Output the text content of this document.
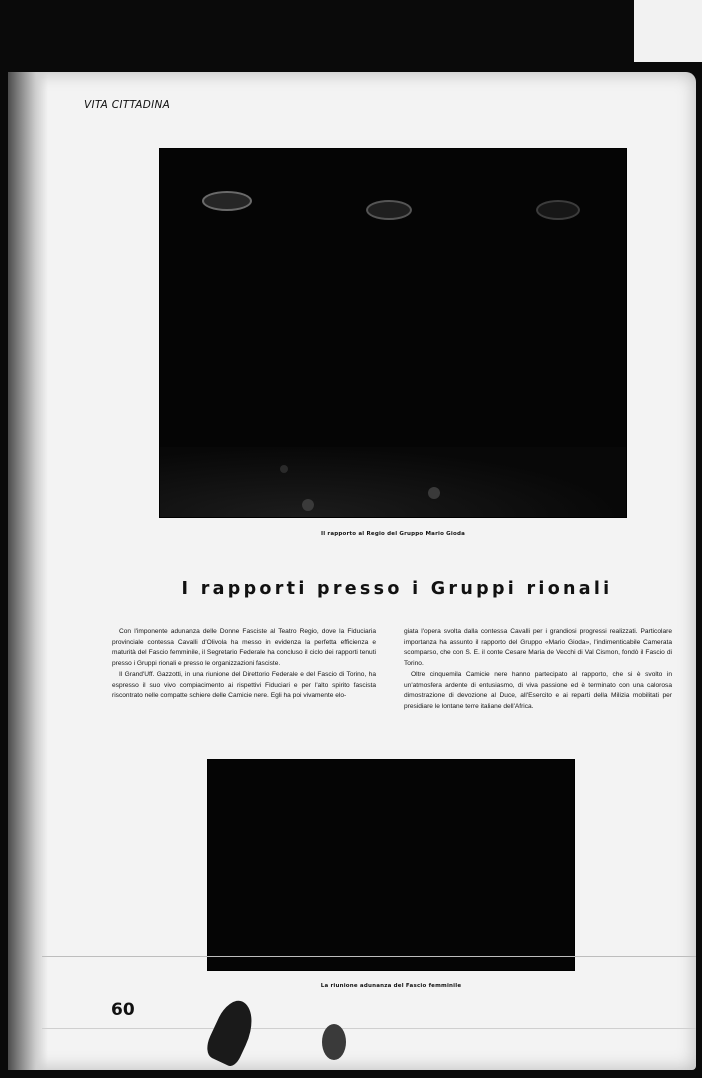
VITA CITTADINA
Il rapporto al Regio del Gruppo Mario Gioda
I rapporti presso i Gruppi rionali

Con l'imponente adunanza delle Donne Fasciste al Teatro Regio, dove la Fiduciaria provinciale contessa Cavalli d'Olivola ha messo in evidenza la perfetta efficienza e maturità del Fascio femminile, il Segretario Federale ha concluso il ciclo dei rapporti tenuti presso i Gruppi rionali e presso le organizzazioni fasciste.

Il Grand'Uff. Gazzotti, in una riunione del Direttorio Federale e del Fascio di Torino, ha espresso il suo vivo compiacimento ai rispettivi Fiduciari e per l'alto spirito fascista riscontrato nelle compatte schiere delle Camicie nere. Egli ha poi vivamente elo-

giata l'opera svolta dalla contessa Cavalli per i grandiosi progressi realizzati. Particolare importanza ha assunto il rapporto del Gruppo «Mario Gioda», l'indimenticabile Camerata scomparso, che con S. E. il conte Cesare Maria de Vecchi di Val Cismon, fondò il Fascio di Torino.

Oltre cinquemila Camicie nere hanno partecipato al rapporto, che si è svolto in un'atmosfera ardente di entusiasmo, di viva passione ed è terminato con una calorosa dimostrazione di devozione al Duce, all'Esercito e ai reparti della Milizia mobilitati per presidiare le lontane terre italiane dell'Africa.

La riunione adunanza del Fascio femminile
60
